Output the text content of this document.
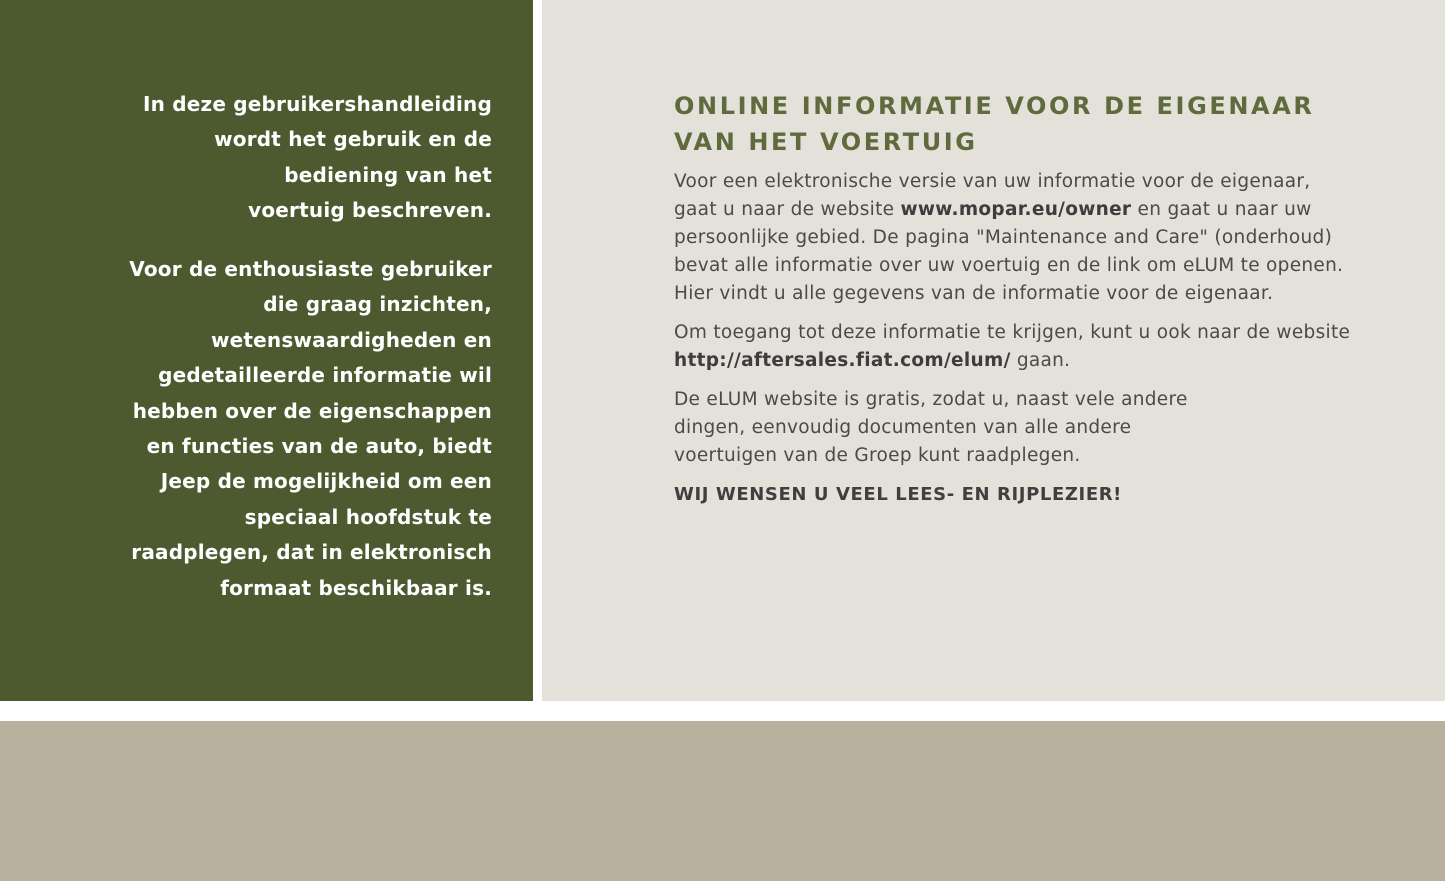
In deze gebruikershandleiding
wordt het gebruik en de
bediening van het
voertuig beschreven.
Voor de enthousiaste gebruiker
die graag inzichten,
wetenswaardigheden en
gedetailleerde informatie wil
hebben over de eigenschappen
en functies van de auto, biedt
Jeep de mogelijkheid om een
speciaal hoofdstuk te
raadplegen, dat in elektronisch
formaat beschikbaar is.
ONLINE INFORMATIE VOOR DE EIGENAAR
VAN HET VOERTUIG
Voor een elektronische versie van uw informatie voor de eigenaar,
gaat u naar de website www.mopar.eu/owner en gaat u naar uw
persoonlijke gebied. De pagina "Maintenance and Care" (onderhoud)
bevat alle informatie over uw voertuig en de link om eLUM te openen.
Hier vindt u alle gegevens van de informatie voor de eigenaar.
Om toegang tot deze informatie te krijgen, kunt u ook naar de website
http://aftersales.fiat.com/elum/ gaan.
De eLUM website is gratis, zodat u, naast vele andere
dingen, eenvoudig documenten van alle andere
voertuigen van de Groep kunt raadplegen.
WIJ WENSEN U VEEL LEES- EN RIJPLEZIER!
